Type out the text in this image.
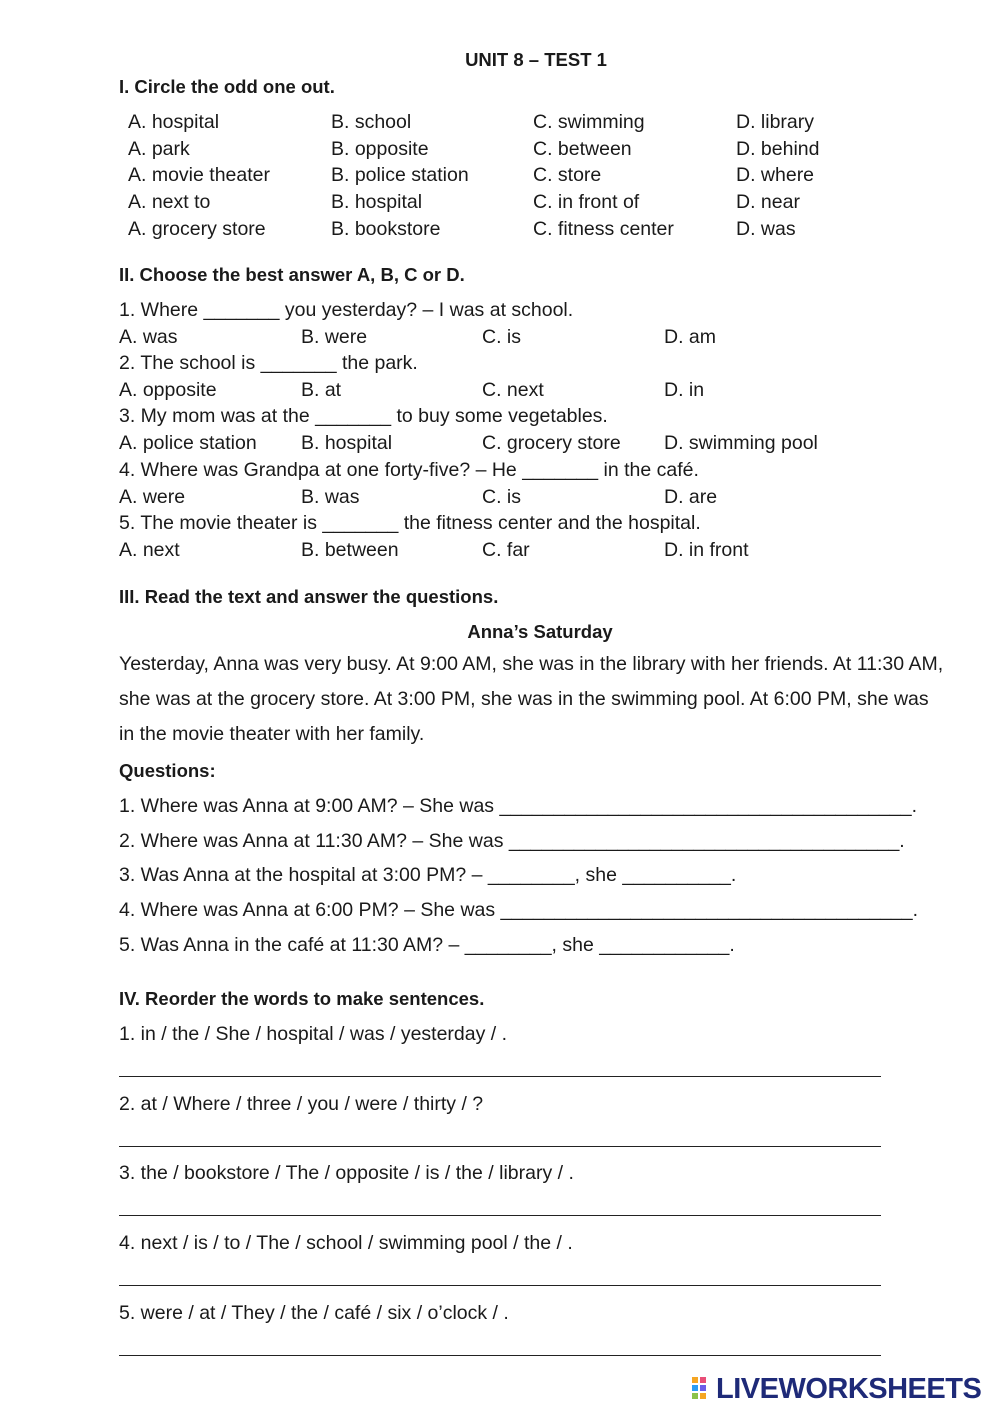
UNIT 8 – TEST 1
I. Circle the odd one out.
A. hospital	B. school	C. swimming	D. library
A. park	B. opposite	C. between	D. behind
A. movie theater	B. police station	C. store	D. where
A. next to	B. hospital	C. in front of	D. near
A. grocery store	B. bookstore	C. fitness center	D. was
II. Choose the best answer A, B, C or D.
1. Where _______ you yesterday? – I was at school.
A. was	B. were	C. is	D. am
2. The school is _______ the park.
A. opposite	B. at	C. next	D. in
3. My mom was at the _______ to buy some vegetables.
A. police station B. hospital	C. grocery store D. swimming pool
4. Where was Grandpa at one forty-five? – He _______ in the café.
A. were	B. was	C. is	D. are
5. The movie theater is _______ the fitness center and the hospital.
A. next	B. between	C. far	D. in front
III. Read the text and answer the questions.
Anna’s Saturday
Yesterday, Anna was very busy. At 9:00 AM, she was in the library with her friends. At 11:30 AM, she was at the grocery store. At 3:00 PM, she was in the swimming pool. At 6:00 PM, she was in the movie theater with her family.
Questions:
1. Where was Anna at 9:00 AM? – She was ______________________________________.
2. Where was Anna at 11:30 AM? – She was ____________________________________.
3. Was Anna at the hospital at 3:00 PM? – ________, she __________.
4. Where was Anna at 6:00 PM? – She was ______________________________________.
5. Was Anna in the café at 11:30 AM? – ________, she ____________.
IV. Reorder the words to make sentences.
1. in / the / She / hospital / was / yesterday / .
2. at / Where / three / you / were / thirty / ?
3. the / bookstore / The / opposite / is / the / library / .
4. next / is / to / The / school / swimming pool / the / .
5. were / at / They / the / café / six / o’clock / .
LIVEWORKSHEETS
